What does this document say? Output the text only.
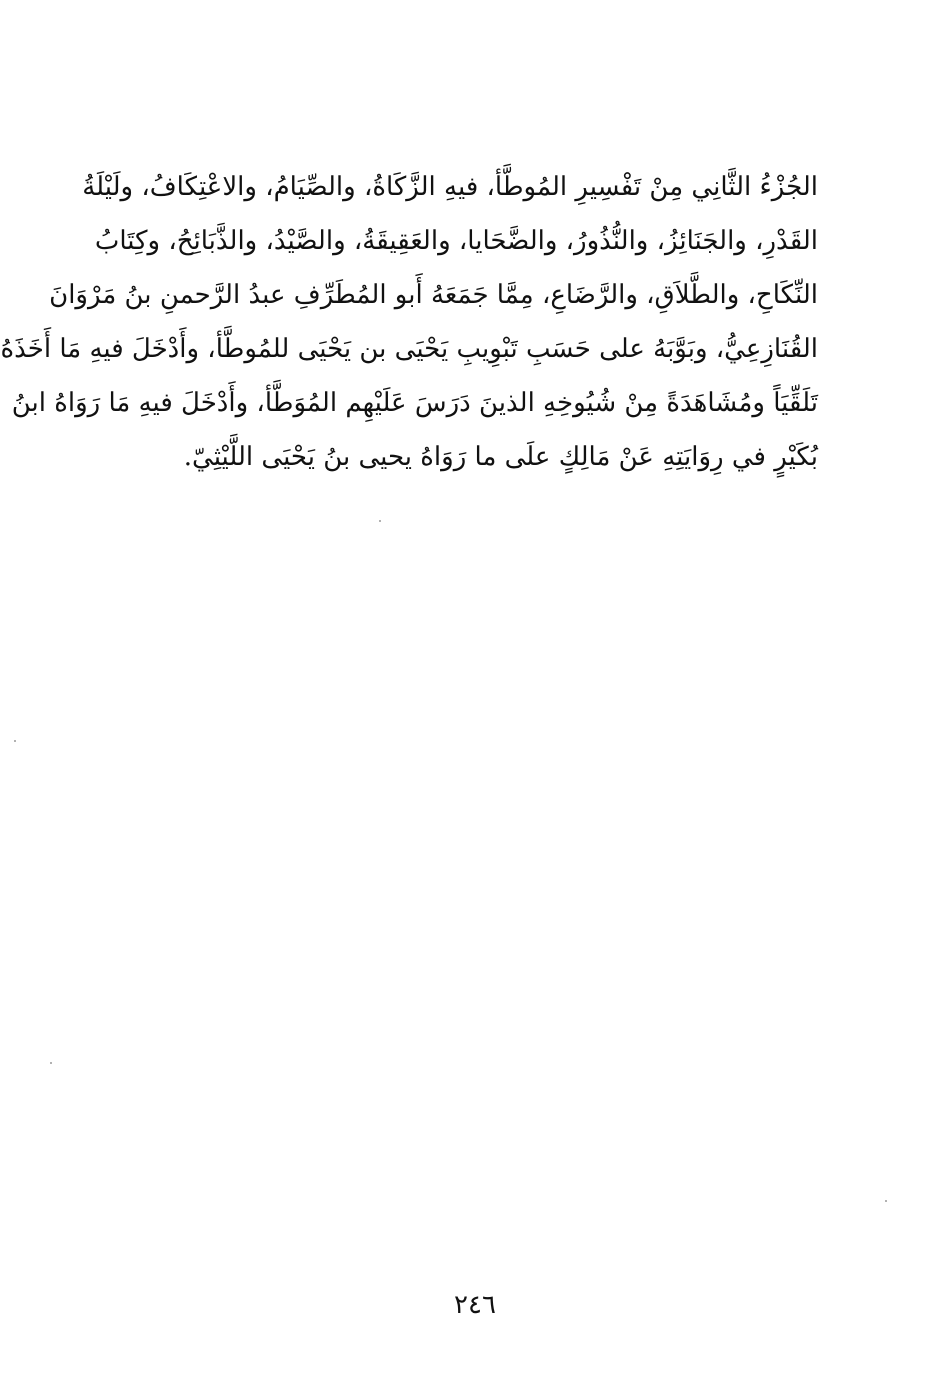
الجُزْءُ الثَّانِي مِنْ تَفْسِيرِ المُوطَّأ، فيهِ الزَّكَاةُ، والصِّيَامُ، والاعْتِكَافُ، ولَيْلَةُ
القَدْرِ، والجَنَائِزُ، والنُّذُورُ، والضَّحَايا، والعَقِيقَةُ، والصَّيْدُ، والذَّبَائِحُ، وكِتَابُ
النِّكَاحِ، والطَّلاَقِ، والرَّضَاعِ، مِمَّا جَمَعَهُ أَبو المُطَرِّفِ عبدُ الرَّحمنِ بنُ مَرْوَانَ
القُنَازِعِيُّ، وبَوَّبَهُ على حَسَبِ تَبْوِيبِ يَحْيَى بن يَحْيَى للمُوطَّأ، وأَدْخَلَ فيهِ مَا أَخَذَهُ
تَلَقِّيَاً ومُشَاهَدَةً مِنْ شُيُوخِهِ الذينَ دَرَسَ عَلَيْهِم المُوَطَّأ، وأَدْخَلَ فيهِ مَا رَوَاهُ ابنُ
بُكَيْرٍ في رِوَايَتِهِ عَنْ مَالِكٍ علَى ما رَوَاهُ يحيى بنُ يَحْيَى اللَّيْثِيّ.
٢٤٦
